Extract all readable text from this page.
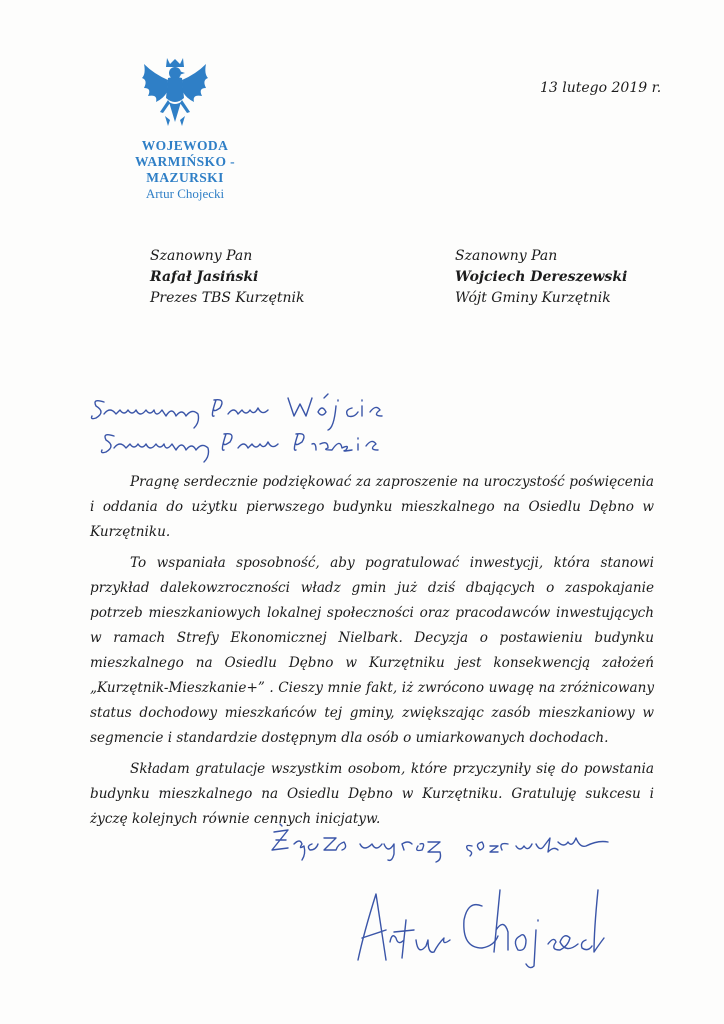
WOJEWODA
WARMIŃSKO - MAZURSKI
Artur Chojecki
13 lutego 2019 r.
Szanowny Pan
Rafał Jasiński
Prezes TBS Kurzętnik
Szanowny Pan
Wojciech Dereszewski
Wójt Gminy Kurzętnik

Pragnę serdecznie podziękować za zaproszenie na uroczystość poświęcenia i oddania do użytku pierwszego budynku mieszkalnego na Osiedlu Dębno w Kurzętniku.

To wspaniała sposobność, aby pogratulować inwestycji, która stanowi przykład dalekowzroczności władz gmin już dziś dbających o zaspokajanie potrzeb mieszkaniowych lokalnej społeczności oraz pracodawców inwestujących w ramach Strefy Ekonomicznej Nielbark. Decyzja o postawieniu budynku mieszkalnego na Osiedlu Dębno w Kurzętniku jest konsekwencją założeń „Kurzętnik-Mieszkanie+” . Cieszy mnie fakt, iż zwrócono uwagę na zróżnicowany status dochodowy mieszkańców tej gminy, zwiększając zasób mieszkaniowy w segmencie i standardzie dostępnym dla osób o umiarkowanych dochodach.

Składam gratulacje wszystkim osobom, które przyczyniły się do powstania budynku mieszkalnego na Osiedlu Dębno w Kurzętniku. Gratuluję sukcesu i życzę kolejnych równie cennych inicjatyw.
